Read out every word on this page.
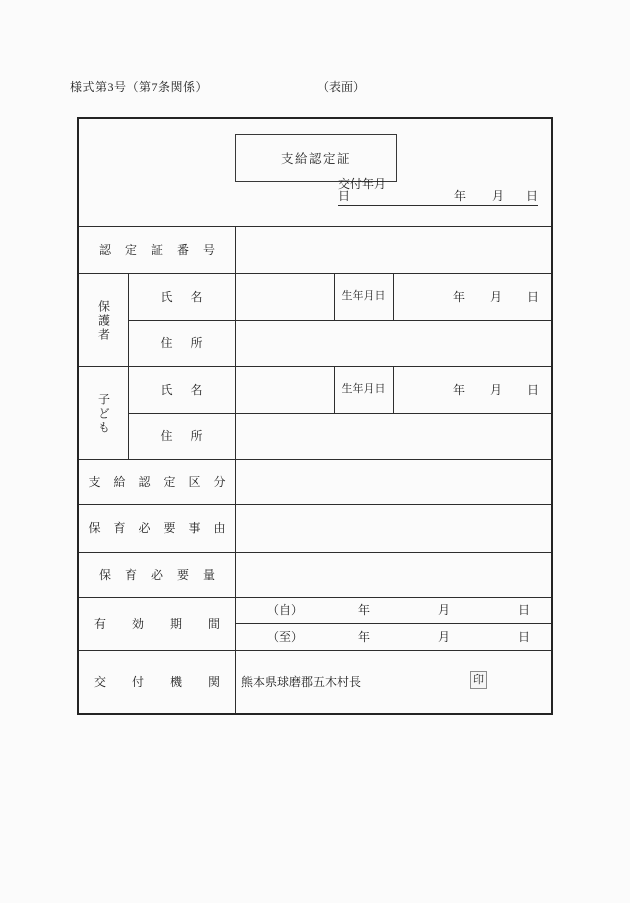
様式第3号（第7条関係）	（表面）
支給認定証
交付年月日	年 月 日
認定証番号
保護者
氏名	生年月日	年 月 日
住所
子ども
氏名	生年月日	年 月 日
住所
支給認定区分
保育必要事由
保育必要量
有効期間
（自）	年	月	日
（至）	年	月	日
交付機関
熊本県球磨郡五木村長	印
